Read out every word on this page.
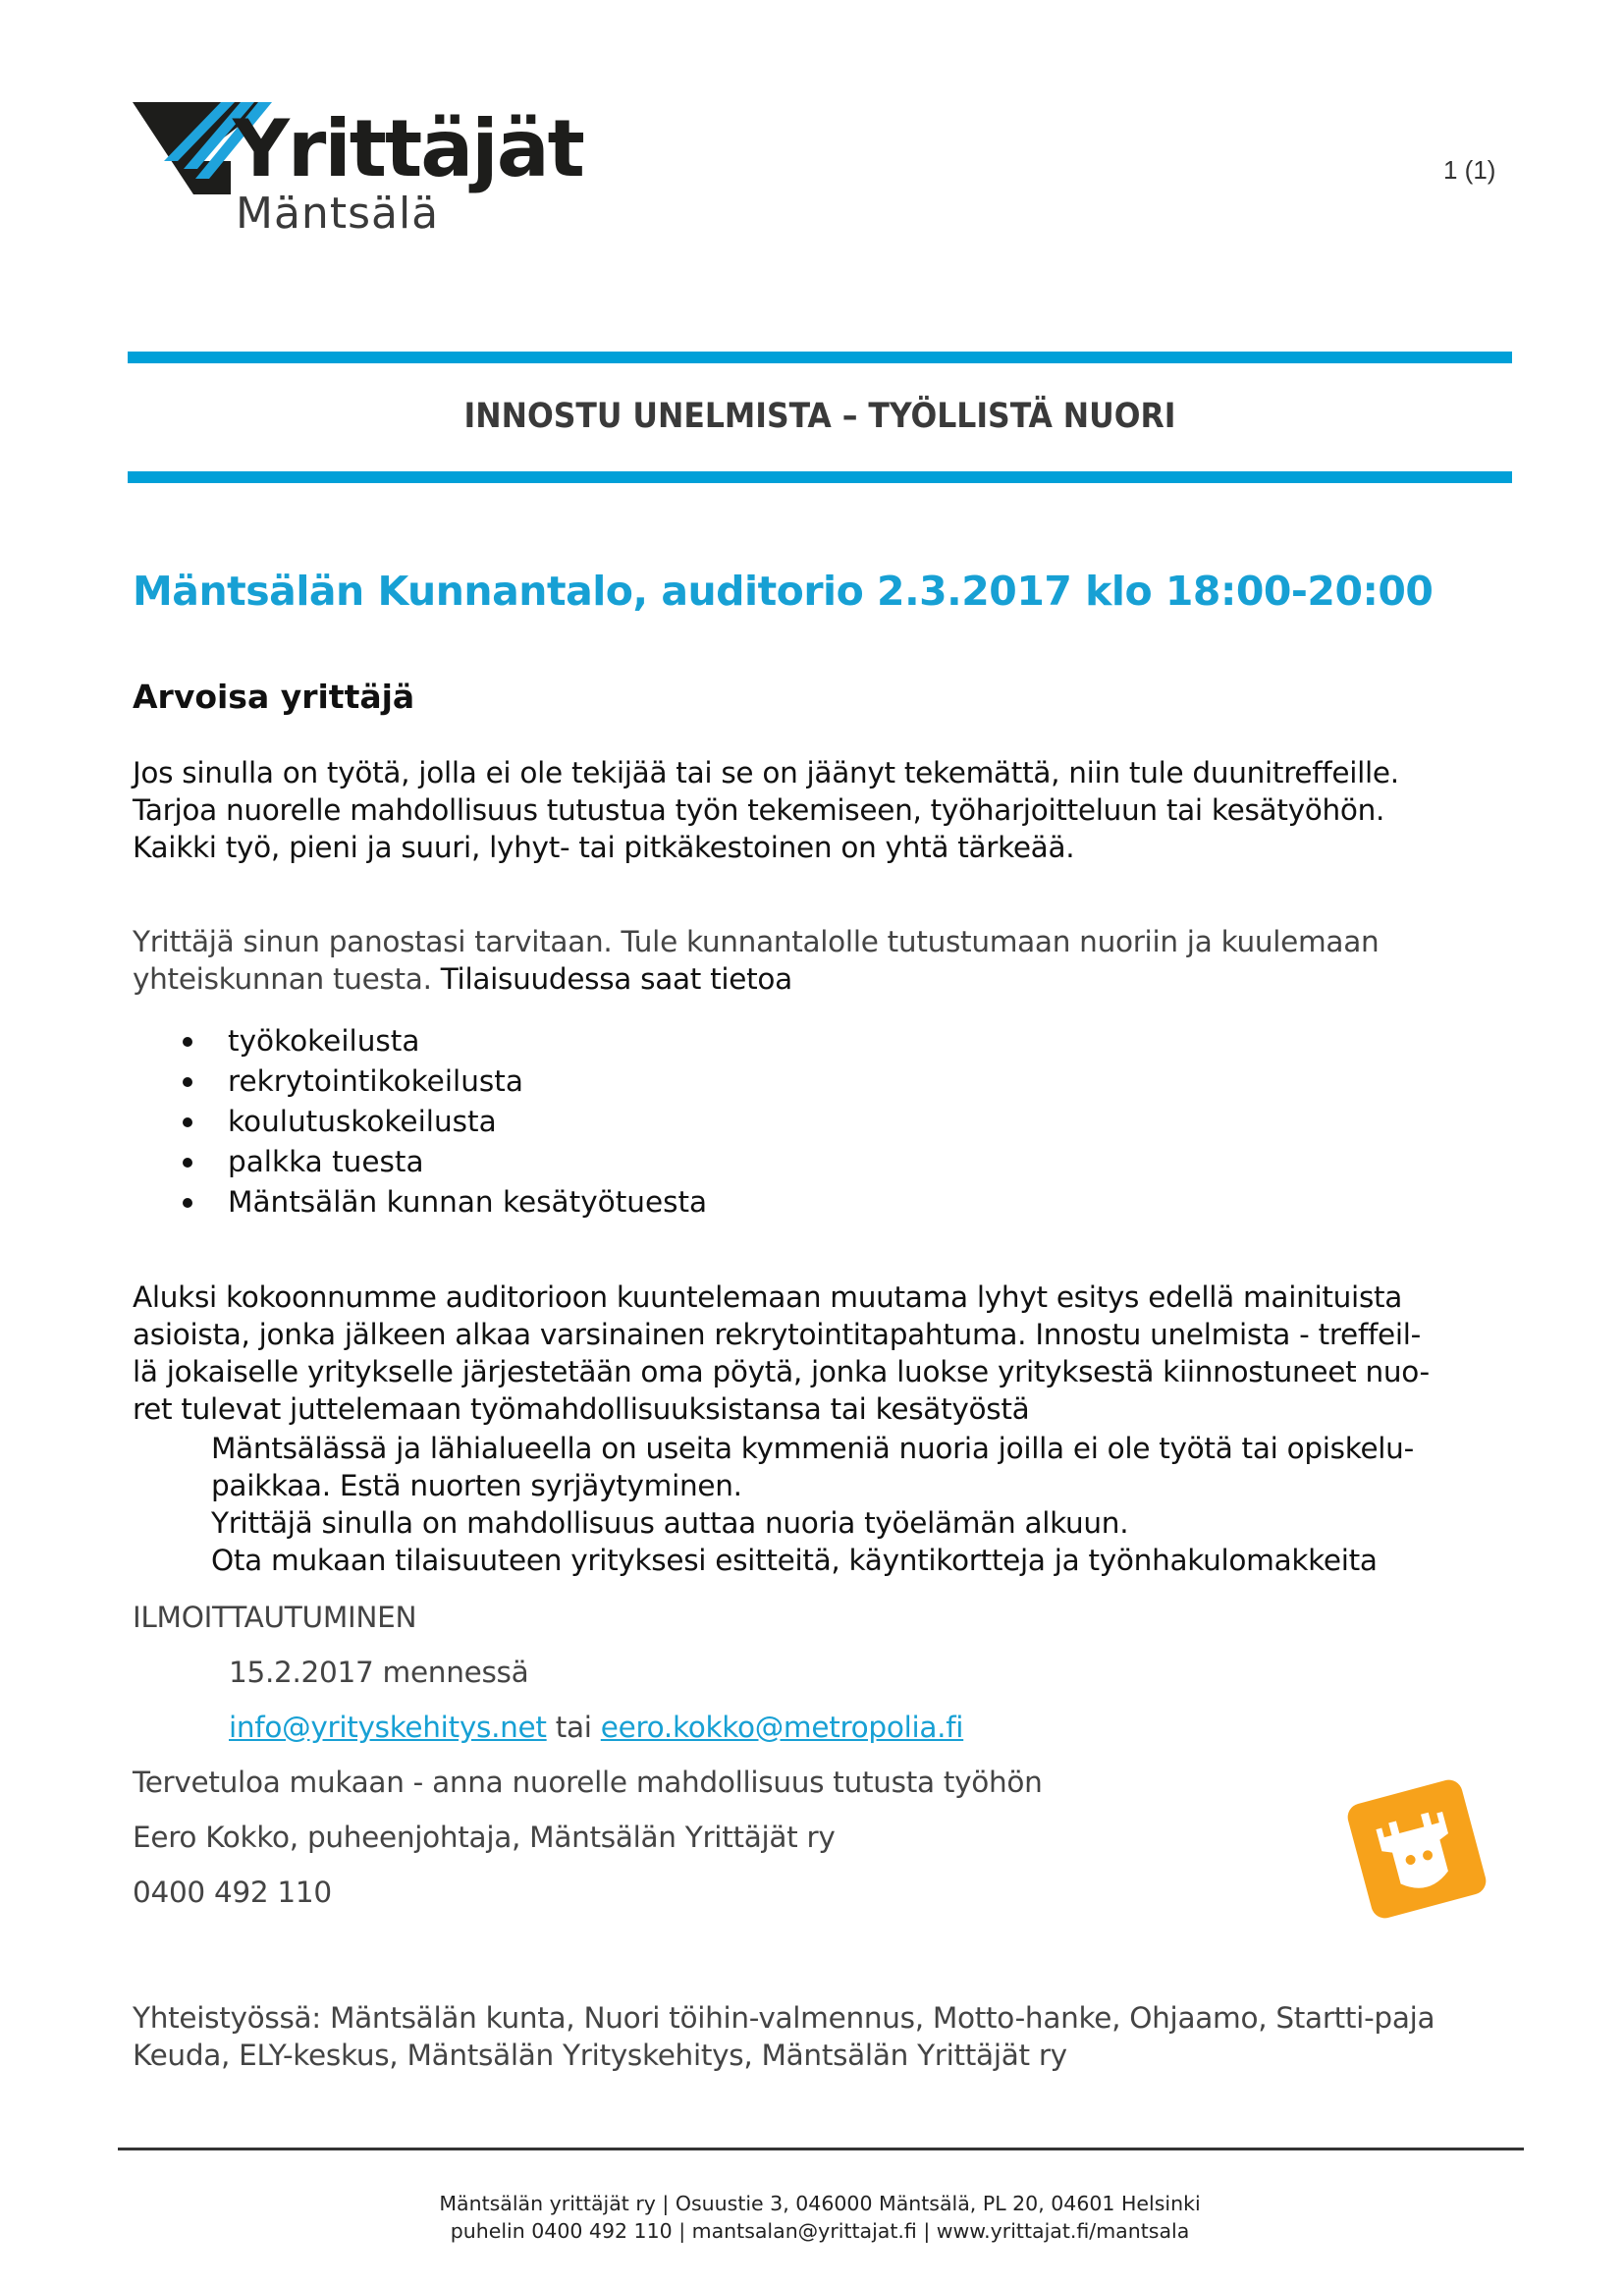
Yrittäjät
Mäntsälä
1 (1)
INNOSTU UNELMISTA – TYÖLLISTÄ NUORI
Mäntsälän Kunnantalo, auditorio 2.3.2017 klo 18:00-20:00
Arvoisa yrittäjä
Jos sinulla on työtä, jolla ei ole tekijää tai se on jäänyt tekemättä, niin tule duunitreffeille.
Tarjoa nuorelle mahdollisuus tutustua työn tekemiseen, työharjoitteluun tai kesätyöhön.
Kaikki työ, pieni ja suuri, lyhyt- tai pitkäkestoinen on yhtä tärkeää.
Yrittäjä sinun panostasi tarvitaan. Tule kunnantalolle tutustumaan nuoriin ja kuulemaan
yhteiskunnan tuesta. Tilaisuudessa saat tietoa
työkokeilusta
rekrytointikokeilusta
koulutuskokeilusta
palkka tuesta
Mäntsälän kunnan kesätyötuesta
Aluksi kokoonnumme auditorioon kuuntelemaan muutama lyhyt esitys edellä mainituista
asioista, jonka jälkeen alkaa varsinainen rekrytointitapahtuma. Innostu unelmista - treffeil-
lä jokaiselle yritykselle järjestetään oma pöytä, jonka luokse yrityksestä kiinnostuneet nuo-
ret tulevat juttelemaan työmahdollisuuksistansa tai kesätyöstä
Mäntsälässä ja lähialueella on useita kymmeniä nuoria joilla ei ole työtä tai opiskelu-
paikkaa. Estä nuorten syrjäytyminen.
Yrittäjä sinulla on mahdollisuus auttaa nuoria työelämän alkuun.
Ota mukaan tilaisuuteen yrityksesi esitteitä, käyntikortteja ja työnhakulomakkeita
ILMOITTAUTUMINEN
15.2.2017 mennessä
info@yrityskehitys.net tai eero.kokko@metropolia.fi
Tervetuloa mukaan - anna nuorelle mahdollisuus tutusta työhön
Eero Kokko, puheenjohtaja, Mäntsälän Yrittäjät ry
0400 492 110
Yhteistyössä: Mäntsälän kunta, Nuori töihin-valmennus, Motto-hanke, Ohjaamo, Startti-paja
Keuda, ELY-keskus, Mäntsälän Yrityskehitys, Mäntsälän Yrittäjät ry
Mäntsälän yrittäjät ry | Osuustie 3, 046000 Mäntsälä, PL 20, 04601 Helsinki
puhelin 0400 492 110 | mantsalan@yrittajat.fi | www.yrittajat.fi/mantsala
